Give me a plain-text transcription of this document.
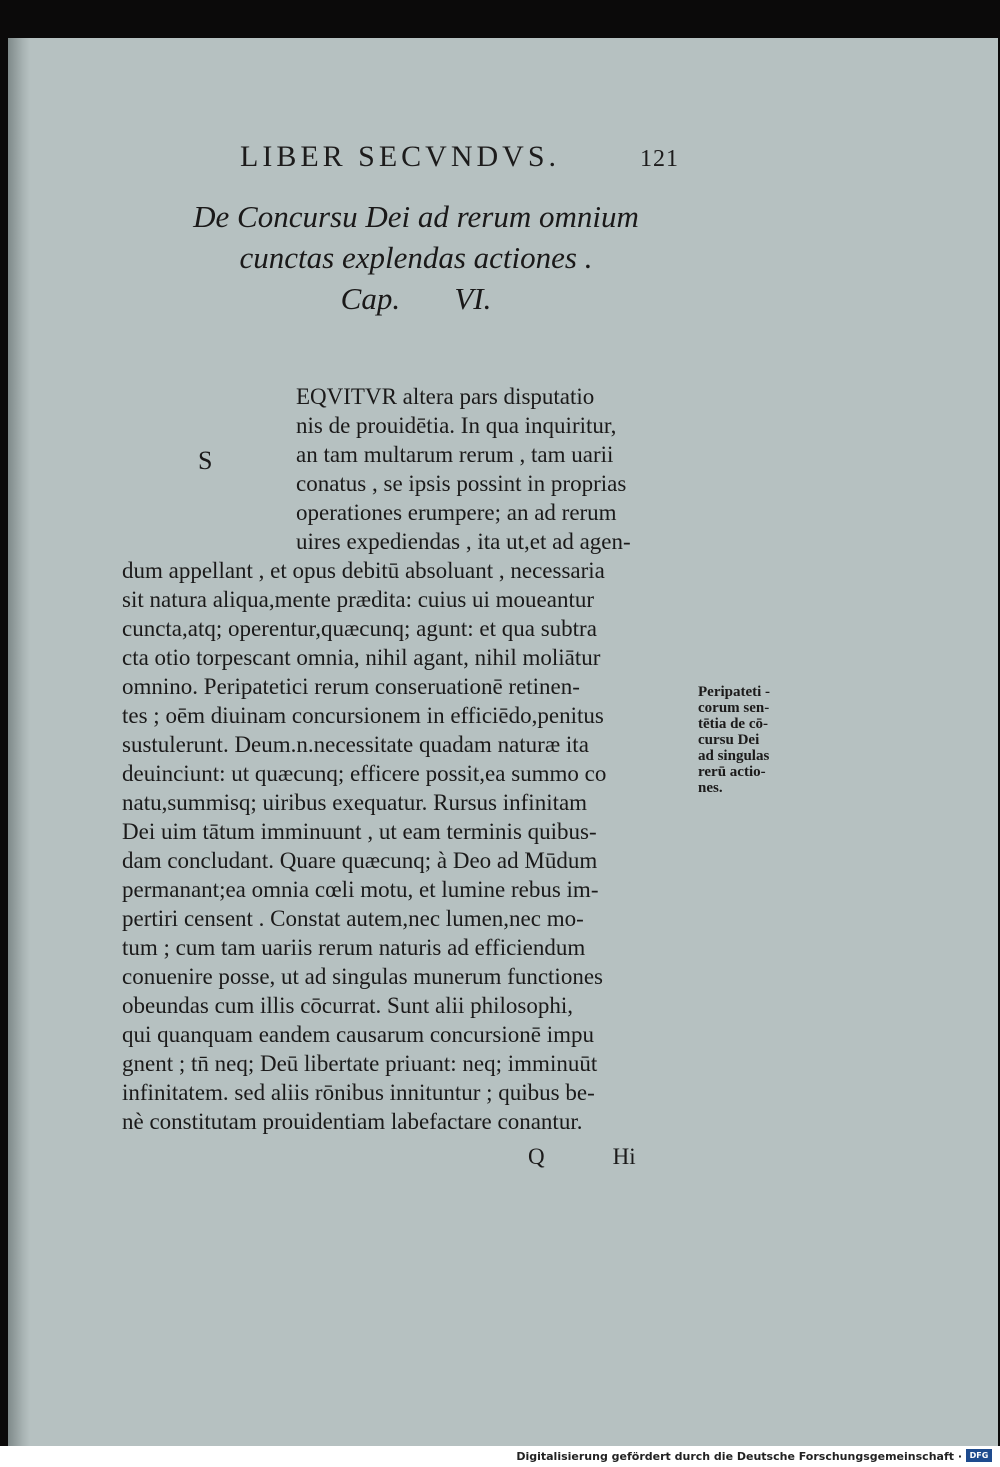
LIBER SECVNDVS.	121
De Concursu Dei ad rerum omnium
cunctas explendas actiones .
Cap.       VI.
S
EQVITVR altera pars disputatio
nis de prouidētia. In qua inquiritur,
an tam multarum rerum , tam uarii
conatus , se ipsis possint in proprias
operationes erumpere; an ad rerum
uires expediendas , ita ut,et ad agen-
dum appellant , et opus debitū absoluant , necessaria
sit natura aliqua,mente prædita: cuius ui moueantur
cuncta,atq; operentur,quæcunq; agunt: et qua subtra
cta otio torpescant omnia, nihil agant, nihil moliātur
omnino. Peripatetici rerum conseruationē retinen-
tes ; oēm diuinam concursionem in efficiēdo,penitus
sustulerunt. Deum.n.necessitate quadam naturæ ita
deuinciunt: ut quæcunq; efficere possit,ea summo co
natu,summisq; uiribus exequatur. Rursus infinitam
Dei uim tātum imminuunt , ut eam terminis quibus-
dam concludant. Quare quæcunq; à Deo ad Mūdum
permanant;ea omnia cœli motu, et lumine rebus im-
pertiri censent . Constat autem,nec lumen,nec mo-
tum ; cum tam uariis rerum naturis ad efficiendum
conuenire posse, ut ad singulas munerum functiones
obeundas cum illis cōcurrat. Sunt alii philosophi,
qui quanquam eandem causarum concursionē impu
gnent ; tn̄ neq; Deū libertate priuant: neq; imminuūt
infinitatem. sed aliis rōnibus innituntur ; quibus be-
nè constitutam prouidentiam labefactare conantur.
Peripateti -
corum sen-
tētia de cō-
cursu Dei
ad singulas
rerū actio-
nes.
Q	Hi
Digitalisierung gefördert durch die Deutsche Forschungsgemeinschaft · DFG
